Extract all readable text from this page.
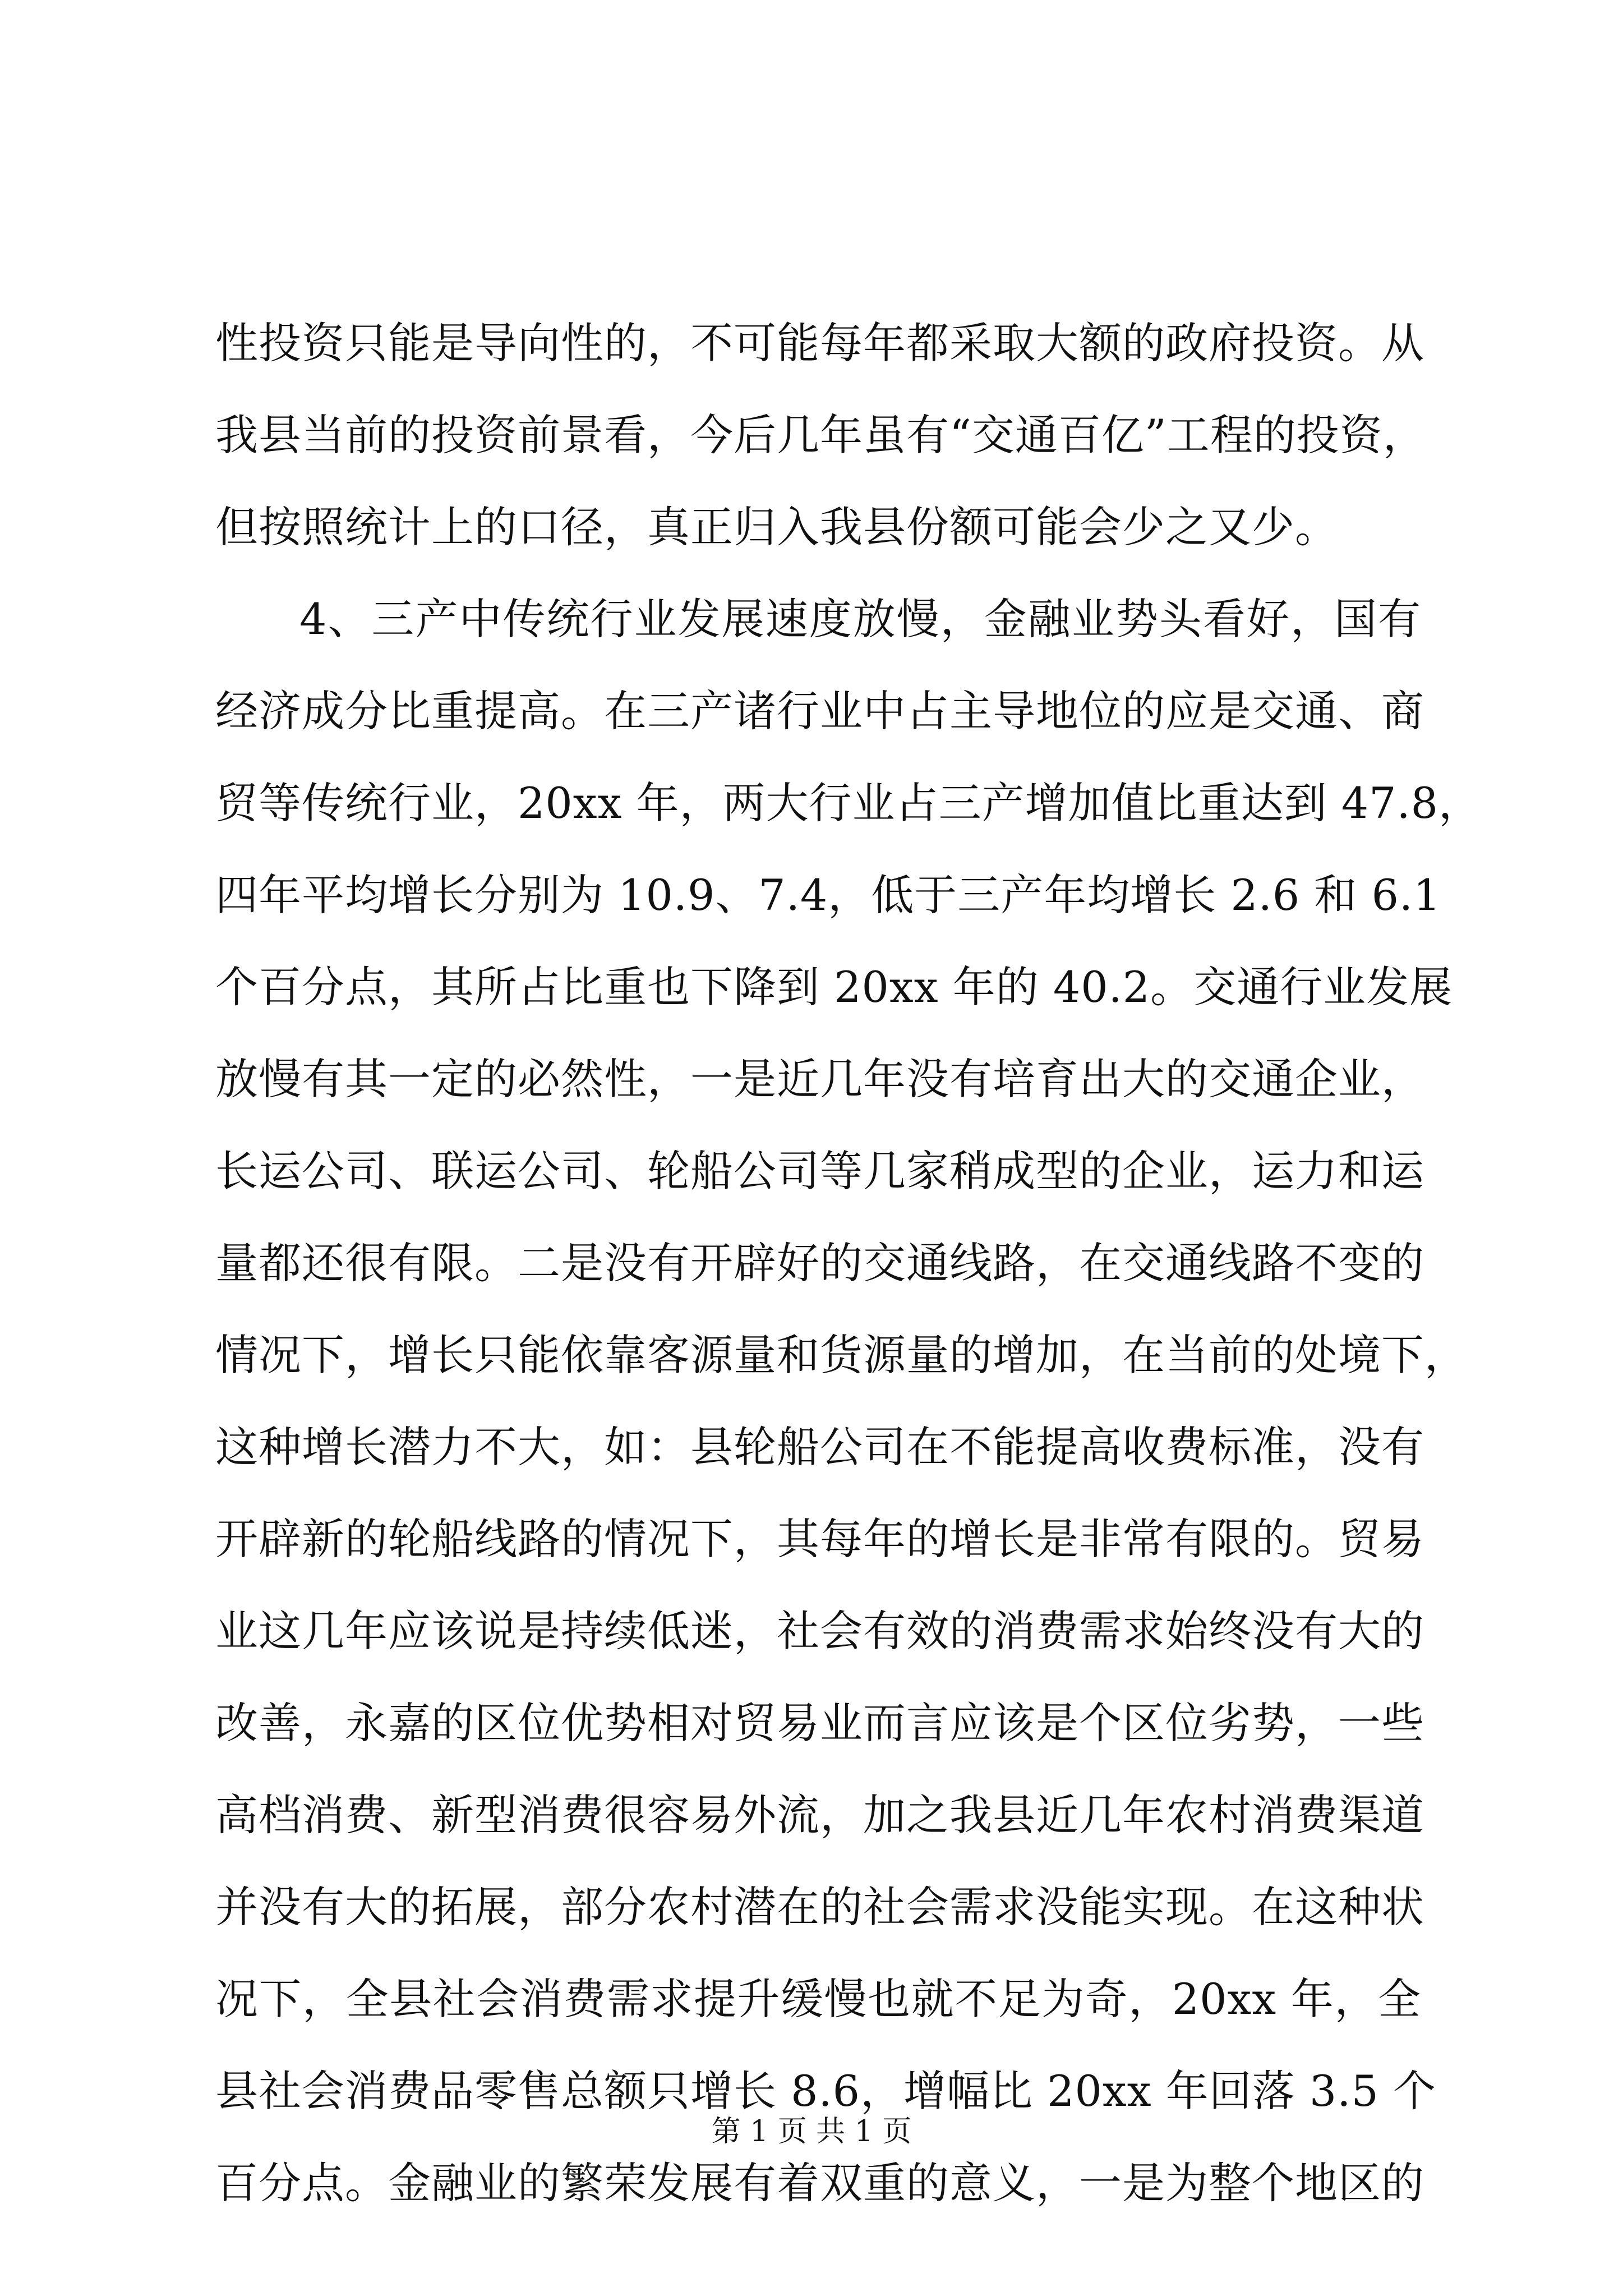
性投资只能是导向性的，不可能每年都采取大额的政府投资。从
我县当前的投资前景看，今后几年虽有“交通百亿”工程的投资，
但按照统计上的口径，真正归入我县份额可能会少之又少。
4、三产中传统行业发展速度放慢，金融业势头看好，国有
经济成分比重提高。在三产诸行业中占主导地位的应是交通、商
贸等传统行业，20xx 年，两大行业占三产增加值比重达到 47.8，
四年平均增长分别为 10.9、7.4，低于三产年均增长 2.6 和 6.1
个百分点，其所占比重也下降到 20xx 年的 40.2。交通行业发展
放慢有其一定的必然性，一是近几年没有培育出大的交通企业，
长运公司、联运公司、轮船公司等几家稍成型的企业，运力和运
量都还很有限。二是没有开辟好的交通线路，在交通线路不变的
情况下，增长只能依靠客源量和货源量的增加，在当前的处境下，
这种增长潜力不大，如：县轮船公司在不能提高收费标准，没有
开辟新的轮船线路的情况下，其每年的增长是非常有限的。贸易
业这几年应该说是持续低迷，社会有效的消费需求始终没有大的
改善，永嘉的区位优势相对贸易业而言应该是个区位劣势，一些
高档消费、新型消费很容易外流，加之我县近几年农村消费渠道
并没有大的拓展，部分农村潜在的社会需求没能实现。在这种状
况下，全县社会消费需求提升缓慢也就不足为奇，20xx 年，全
县社会消费品零售总额只增长 8.6，增幅比 20xx 年回落 3.5 个
百分点。金融业的繁荣发展有着双重的意义，一是为整个地区的
第 1 页 共 1 页
